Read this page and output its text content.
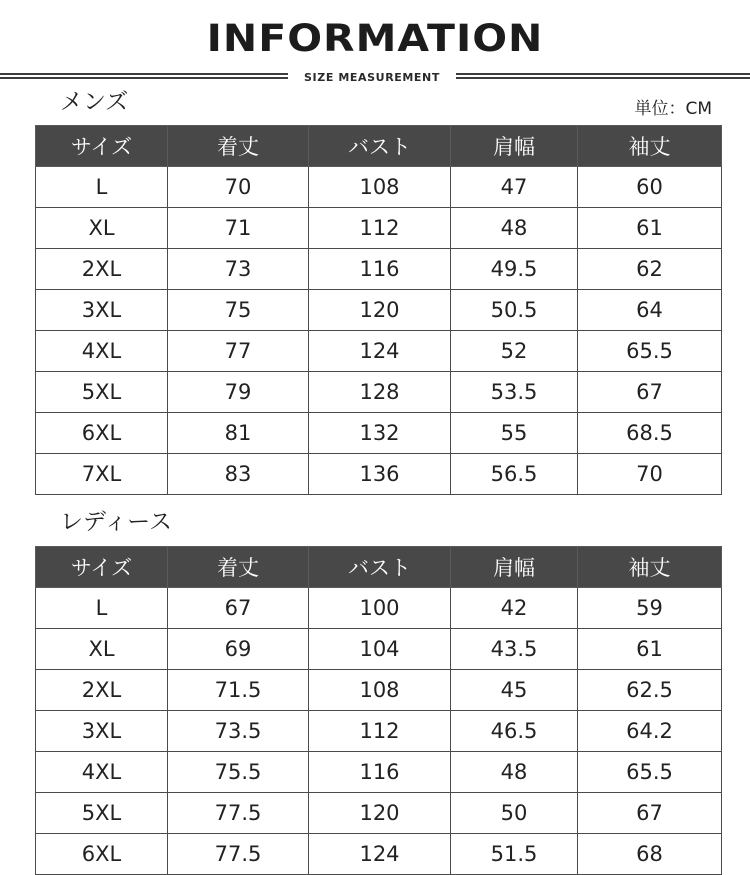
INFORMATION
SIZE MEASUREMENT
メンズ	単位：CM
サイズ	着丈	バスト	肩幅	袖丈
L	70	108	47	60
XL	71	112	48	61
2XL	73	116	49.5	62
3XL	75	120	50.5	64
4XL	77	124	52	65.5
5XL	79	128	53.5	67
6XL	81	132	55	68.5
7XL	83	136	56.5	70
レディース
サイズ	着丈	バスト	肩幅	袖丈
L	67	100	42	59
XL	69	104	43.5	61
2XL	71.5	108	45	62.5
3XL	73.5	112	46.5	64.2
4XL	75.5	116	48	65.5
5XL	77.5	120	50	67
6XL	77.5	124	51.5	68
